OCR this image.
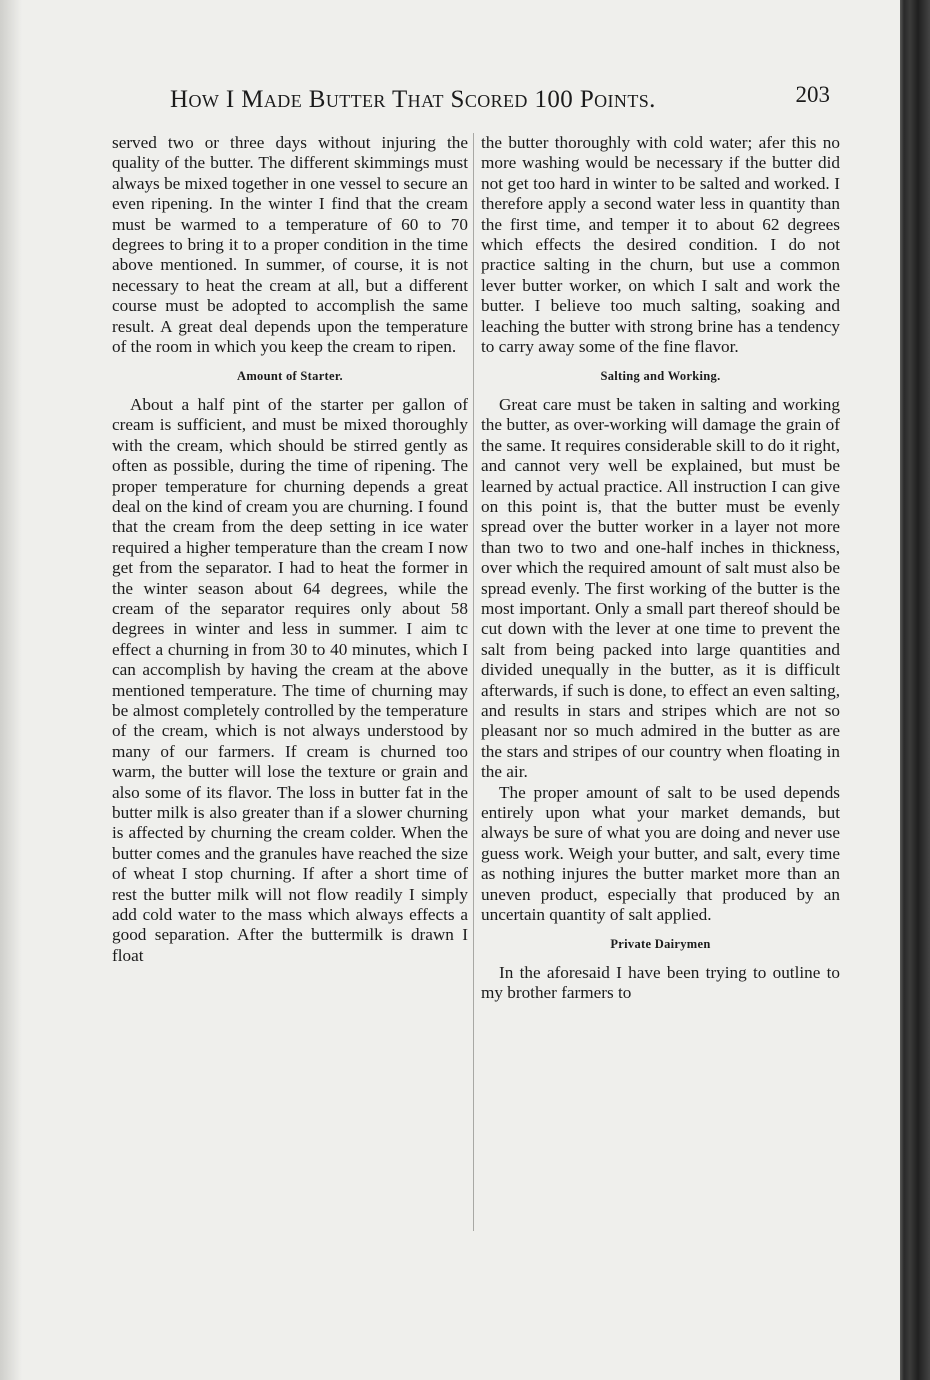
How I Made Butter That Scored 100 Points.	203

served two or three days without injuring the quality of the butter. The different skimmings must always be mixed together in one vessel to secure an even ripening. In the winter I find that the cream must be warmed to a temperature of 60 to 70 degrees to bring it to a proper condition in the time above mentioned. In summer, of course, it is not necessary to heat the cream at all, but a different course must be adopted to accomplish the same result. A great deal depends upon the temperature of the room in which you keep the cream to ripen.

Amount of Starter.

About a half pint of the starter per gallon of cream is sufficient, and must be mixed thoroughly with the cream, which should be stirred gently as often as possible, during the time of ripening. The proper temperature for churning depends a great deal on the kind of cream you are churning. I found that the cream from the deep setting in ice water required a higher temperature than the cream I now get from the separator. I had to heat the former in the winter season about 64 degrees, while the cream of the separator requires only about 58 degrees in winter and less in summer. I aim tc effect a churning in from 30 to 40 minutes, which I can accomplish by having the cream at the above mentioned temperature. The time of churning may be almost completely controlled by the temperature of the cream, which is not always understood by many of our farmers. If cream is churned too warm, the butter will lose the texture or grain and also some of its flavor. The loss in butter fat in the butter milk is also greater than if a slower churning is affected by churning the cream colder. When the butter comes and the granules have reached the size of wheat I stop churning. If after a short time of rest the butter milk will not flow readily I simply add cold water to the mass which always effects a good separation. After the buttermilk is drawn I float

the butter thoroughly with cold water; afer this no more washing would be necessary if the butter did not get too hard in winter to be salted and worked. I therefore apply a second water less in quantity than the first time, and temper it to about 62 degrees which effects the desired condition. I do not practice salting in the churn, but use a common lever butter worker, on which I salt and work the butter. I believe too much salting, soaking and leaching the butter with strong brine has a tendency to carry away some of the fine flavor.

Salting and Working.

Great care must be taken in salting and working the butter, as over-working will damage the grain of the same. It requires considerable skill to do it right, and cannot very well be explained, but must be learned by actual practice. All instruction I can give on this point is, that the butter must be evenly spread over the butter worker in a layer not more than two to two and one-half inches in thickness, over which the required amount of salt must also be spread evenly. The first working of the butter is the most important. Only a small part thereof should be cut down with the lever at one time to prevent the salt from being packed into large quantities and divided unequally in the butter, as it is difficult afterwards, if such is done, to effect an even salting, and results in stars and stripes which are not so pleasant nor so much admired in the butter as are the stars and stripes of our country when floating in the air.

The proper amount of salt to be used depends entirely upon what your market demands, but always be sure of what you are doing and never use guess work. Weigh your butter, and salt, every time as nothing injures the butter market more than an uneven product, especially that produced by an uncertain quantity of salt applied.

Private Dairymen

In the aforesaid I have been trying to outline to my brother farmers to
